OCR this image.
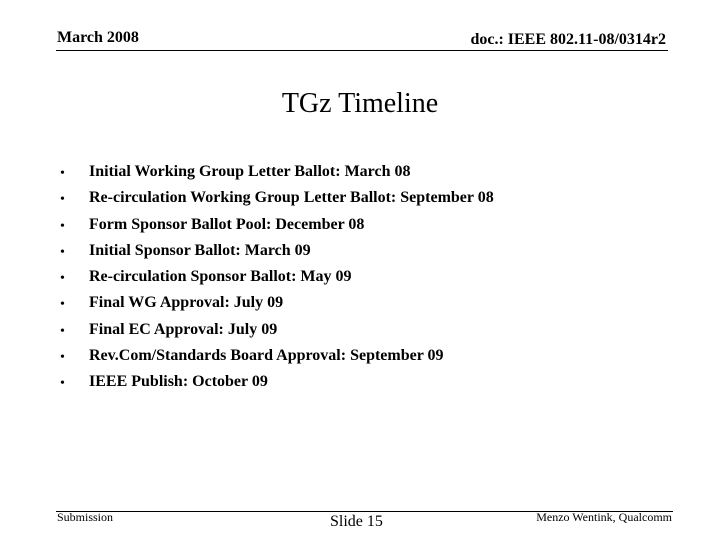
March 2008	doc.: IEEE 802.11-08/0314r2
TGz Timeline
• Initial Working Group Letter Ballot: March 08
• Re-circulation Working Group Letter Ballot: September 08
• Form Sponsor Ballot Pool: December 08
• Initial Sponsor Ballot: March 09
• Re-circulation Sponsor Ballot: May 09
• Final WG Approval: July 09
• Final EC Approval: July 09
• Rev.Com/Standards Board Approval: September 09
• IEEE Publish: October 09
Submission	Slide 15	Menzo Wentink, Qualcomm
